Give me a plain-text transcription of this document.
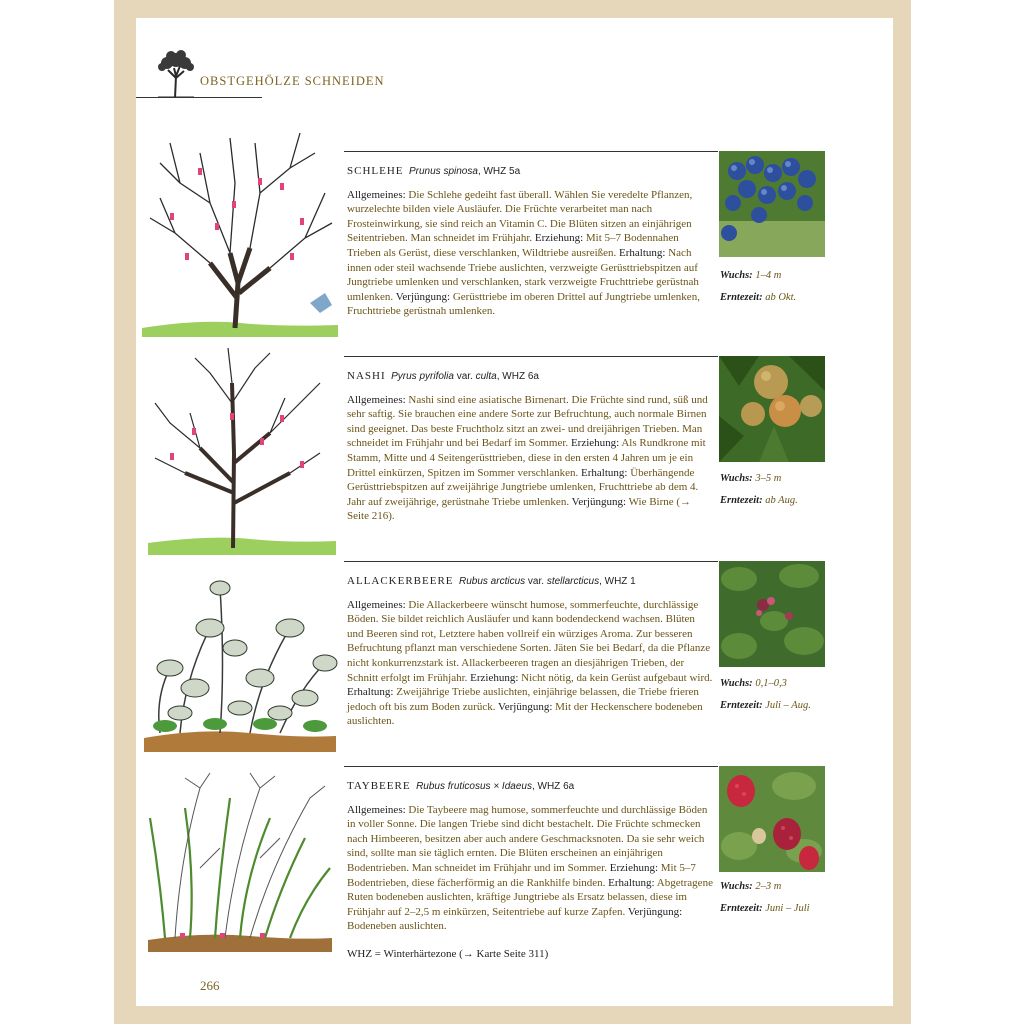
OBSTGEHÖLZE SCHNEIDEN
SCHLEHE Prunus spinosa, WHZ 5a
Allgemeines: Die Schlehe gedeiht fast überall. Wählen Sie veredelte Pflanzen, wurzelechte bilden viele Ausläufer. Die Früchte verarbeitet man nach Frosteinwirkung, sie sind reich an Vitamin C. Die Blüten sitzen an einjährigen Seitentrieben. Man schneidet im Frühjahr. Erziehung: Mit 5–7 Bodennahen Trieben als Gerüst, diese verschlanken, Wildtriebe ausreißen. Erhaltung: Nach innen oder steil wachsende Triebe auslichten, verzweigte Gerüsttriebspitzen auf Jungtriebe umlenken und verschlanken, stark verzweigte Fruchttriebe gerüstnah umlenken. Verjüngung: Gerüsttriebe im oberen Drittel auf Jungtriebe umlenken, Fruchttriebe gerüstnah umlenken.
Wuchs: 1–4 m
Erntezeit: ab Okt.
NASHI Pyrus pyrifolia var. culta, WHZ 6a
Allgemeines: Nashi sind eine asiatische Birnenart. Die Früchte sind rund, süß und sehr saftig. Sie brauchen eine andere Sorte zur Befruchtung, auch normale Birnen sind geeignet. Das beste Fruchtholz sitzt an zwei- und dreijährigen Trieben. Man schneidet im Frühjahr und bei Bedarf im Sommer. Erziehung: Als Rundkrone mit Stamm, Mitte und 4 Seitengerüsttrieben, diese in den ersten 4 Jahren um je ein Drittel einkürzen, Spitzen im Sommer verschlanken. Erhaltung: Überhängende Gerüsttriebspitzen auf zweijährige Jungtriebe umlenken, Fruchttriebe ab dem 4. Jahr auf zweijährige, gerüstnahe Triebe umlenken. Verjüngung: Wie Birne (→ Seite 216).
Wuchs: 3–5 m
Erntezeit: ab Aug.
ALLACKERBEERE Rubus arcticus var. stellarcticus, WHZ 1
Allgemeines: Die Allackerbeere wünscht humose, sommerfeuchte, durchlässige Böden. Sie bildet reichlich Ausläufer und kann bodendeckend wachsen. Blüten und Beeren sind rot, Letztere haben vollreif ein würziges Aroma. Zur besseren Befruchtung pflanzt man verschiedene Sorten. Jäten Sie bei Bedarf, da die Pflanze nicht konkurrenzstark ist. Allackerbeeren tragen an diesjährigen Trieben, der Schnitt erfolgt im Frühjahr. Erziehung: Nicht nötig, da kein Gerüst aufgebaut wird. Erhaltung: Zweijährige Triebe auslichten, einjährige belassen, die Triebe frieren jedoch oft bis zum Boden zurück. Verjüngung: Mit der Heckenschere bodeneben auslichten.
Wuchs: 0,1–0,3
Erntezeit: Juli – Aug.
TAYBEERE Rubus fruticosus × Idaeus, WHZ 6a
Allgemeines: Die Taybeere mag humose, sommerfeuchte und durchlässige Böden in voller Sonne. Die langen Triebe sind dicht bestachelt. Die Früchte schmecken nach Himbeeren, besitzen aber auch andere Geschmacksnoten. Da sie sehr weich sind, sollte man sie täglich ernten. Die Blüten erscheinen an einjährigen Bodentrieben. Man schneidet im Frühjahr und im Sommer. Erziehung: Mit 5–7 Bodentrieben, diese fächerförmig an die Rankhilfe binden. Erhaltung: Abgetragene Ruten bodeneben auslichten, kräftige Jungtriebe als Ersatz belassen, diese im Frühjahr auf 2–2,5 m einkürzen, Seitentriebe auf kurze Zapfen. Verjüngung: Bodeneben auslichten.
Wuchs: 2–3 m
Erntezeit: Juni – Juli
WHZ = Winterhärtezone (→ Karte Seite 311)
266
